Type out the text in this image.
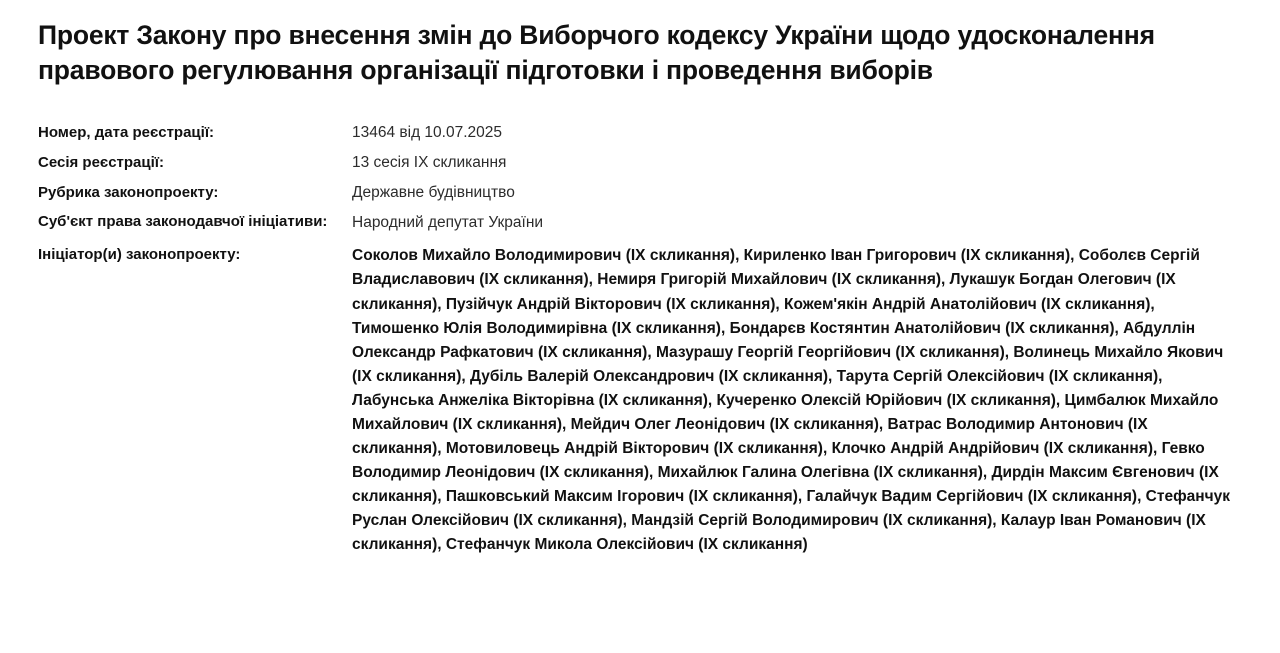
Проект Закону про внесення змін до Виборчого кодексу України щодо удосконалення правового регулювання організації підготовки і проведення виборів
Номер, дата реєстрації:	13464 від 10.07.2025
Сесія реєстрації:	13 сесія IX скликання
Рубрика законопроекту:	Державне будівництво
Суб'єкт права законодавчої ініціативи:	Народний депутат України
Ініціатор(и) законопроекту:	Соколов Михайло Володимирович (IX скликання), Кириленко Іван Григорович (IX скликання), Соболєв Сергій Владиславович (IX скликання), Немиря Григорій Михайлович (IX скликання), Лукашук Богдан Олегович (IX скликання), Пузійчук Андрій Вікторович (IX скликання), Кожем'якін Андрій Анатолійович (IX скликання), Тимошенко Юлія Володимирівна (IX скликання), Бондарєв Костянтин Анатолійович (IX скликання), Абдуллін Олександр Рафкатович (IX скликання), Мазурашу Георгій Георгійович (IX скликання), Волинець Михайло Якович (IX скликання), Дубіль Валерій Олександрович (IX скликання), Тарута Сергій Олексійович (IX скликання), Лабунська Анжеліка Вікторівна (IX скликання), Кучеренко Олексій Юрійович (IX скликання), Цимбалюк Михайло Михайлович (IX скликання), Мейдич Олег Леонідович (IX скликання), Ватрас Володимир Антонович (IX скликання), Мотовиловець Андрій Вікторович (IX скликання), Клочко Андрій Андрійович (IX скликання), Гевко Володимир Леонідович (IX скликання), Михайлюк Галина Олегівна (IX скликання), Дирдін Максим Євгенович (IX скликання), Пашковський Максим Ігорович (IX скликання), Галайчук Вадим Сергійович (IX скликання), Стефанчук Руслан Олексійович (IX скликання), Мандзій Сергій Володимирович (IX скликання), Калаур Іван Романович (IX скликання), Стефанчук Микола Олексійович (IX скликання)
